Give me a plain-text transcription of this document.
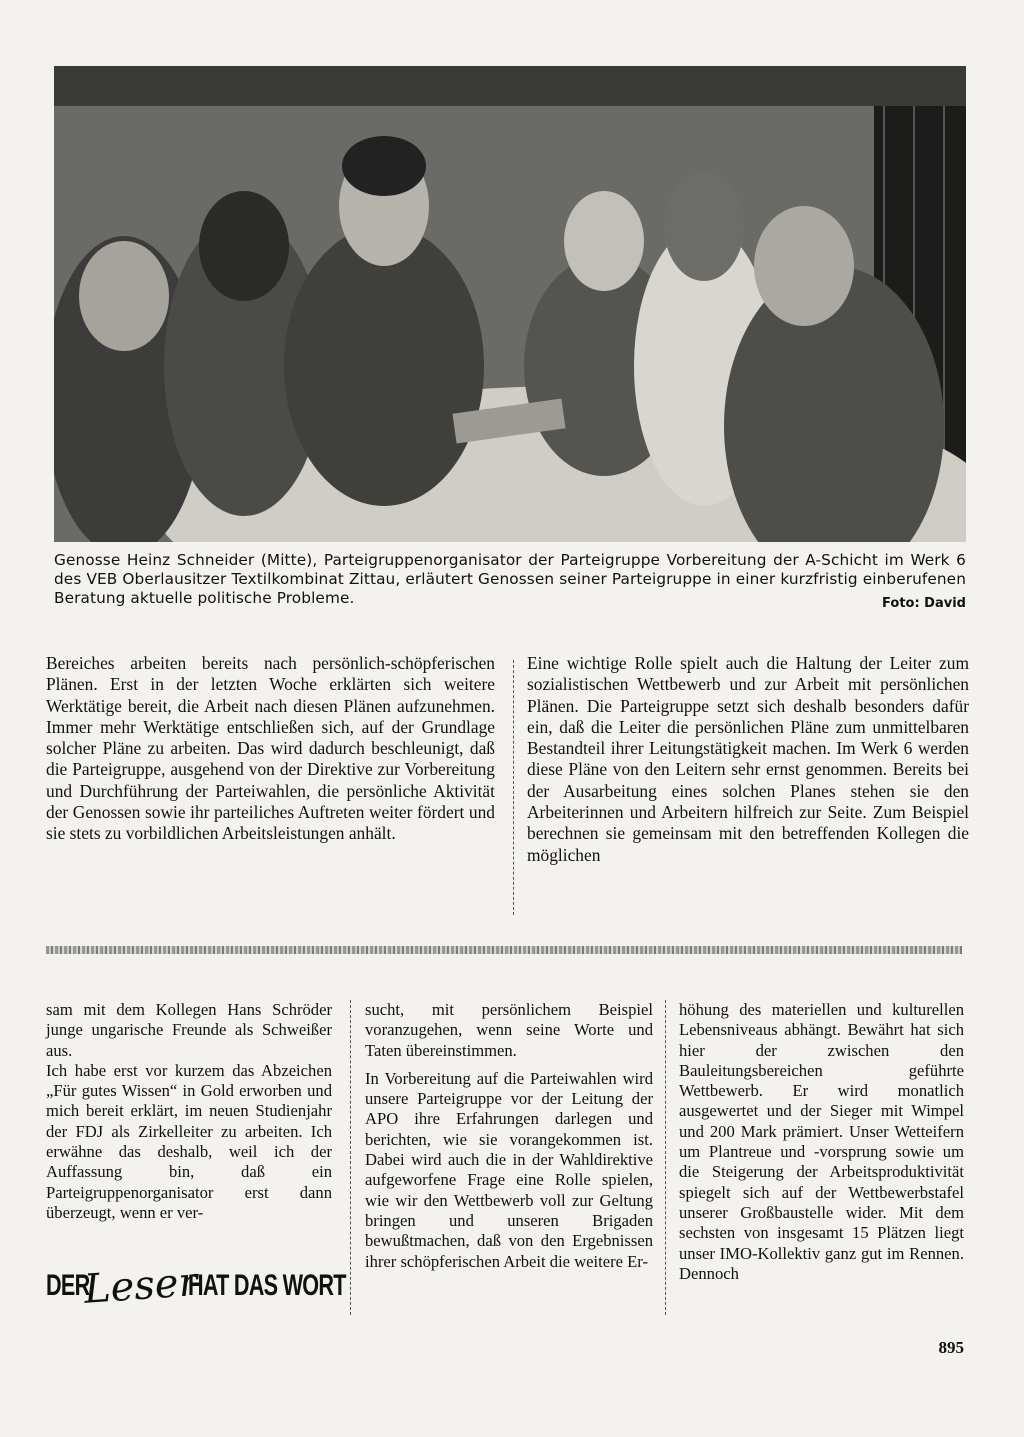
Genosse Heinz Schneider (Mitte), Parteigruppenorganisator der Parteigruppe Vorbereitung der A-Schicht im Werk 6 des VEB Oberlausitzer Textilkombinat Zittau, erläutert Genossen seiner Parteigruppe in einer kurzfristig einberufenen Beratung aktuelle politische Probleme.	Foto: David

Bereiches arbeiten bereits nach persönlich-schöpferischen Plänen. Erst in der letzten Woche erklärten sich weitere Werktätige bereit, die Arbeit nach diesen Plänen aufzunehmen. Immer mehr Werktätige entschließen sich, auf der Grundlage solcher Pläne zu arbeiten. Das wird dadurch beschleunigt, daß die Parteigruppe, ausgehend von der Direktive zur Vorbereitung und Durchführung der Parteiwahlen, die persönliche Aktivität der Genossen sowie ihr parteiliches Auftreten weiter fördert und sie stets zu vorbildlichen Arbeitsleistungen anhält.

Eine wichtige Rolle spielt auch die Haltung der Leiter zum sozialistischen Wettbewerb und zur Arbeit mit persönlichen Plänen. Die Parteigruppe setzt sich deshalb besonders dafür ein, daß die Leiter die persönlichen Pläne zum unmittelbaren Bestandteil ihrer Leitungstätigkeit machen. Im Werk 6 werden diese Pläne von den Leitern sehr ernst genommen. Bereits bei der Ausarbeitung eines solchen Planes stehen sie den Arbeiterinnen und Arbeitern hilfreich zur Seite. Zum Beispiel berechnen sie gemeinsam mit den betreffenden Kollegen die möglichen

sam mit dem Kollegen Hans Schröder junge ungarische Freunde als Schweißer aus.

Ich habe erst vor kurzem das Abzeichen „Für gutes Wissen“ in Gold erworben und mich bereit erklärt, im neuen Studienjahr der FDJ als Zirkelleiter zu arbeiten. Ich erwähne das deshalb, weil ich der Auffassung bin, daß ein Parteigruppenorganisator erst dann überzeugt, wenn er ver-

sucht, mit persönlichem Beispiel voranzugehen, wenn seine Worte und Taten übereinstimmen.

In Vorbereitung auf die Parteiwahlen wird unsere Parteigruppe vor der Leitung der APO ihre Erfahrungen darlegen und berichten, wie sie vorangekommen ist. Dabei wird auch die in der Wahldirektive aufgeworfene Frage eine Rolle spielen, wie wir den Wettbewerb voll zur Geltung bringen und unseren Brigaden bewußtmachen, daß von den Ergebnissen ihrer schöpferischen Arbeit die weitere Er-

höhung des materiellen und kulturellen Lebensniveaus abhängt. Bewährt hat sich hier der zwischen den Bauleitungsbereichen geführte Wettbewerb. Er wird monatlich ausgewertet und der Sieger mit Wimpel und 200 Mark prämiert. Unser Wetteifern um Plantreue und -vorsprung sowie um die Steigerung der Arbeitsproduktivität spiegelt sich auf der Wettbewerbstafel unserer Großbaustelle wider. Mit dem sechsten von insgesamt 15 Plätzen liegt unser IMO-Kollektiv ganz gut im Rennen. Dennoch

DER
Leser
HAT DAS WORT
895
